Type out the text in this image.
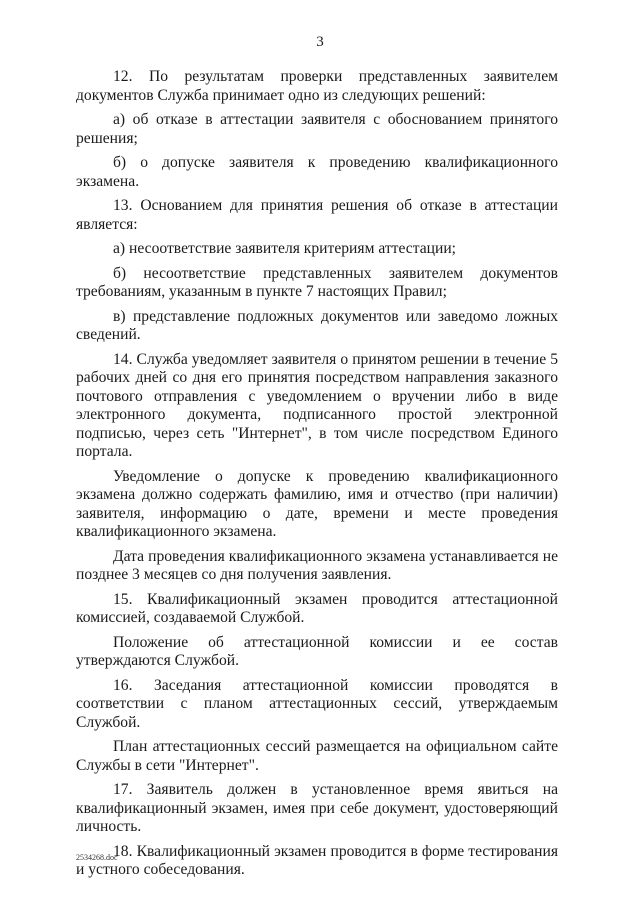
3

12. По результатам проверки представленных заявителем документов Служба принимает одно из следующих решений:

а) об отказе в аттестации заявителя с обоснованием принятого решения;

б) о допуске заявителя к проведению квалификационного экзамена.

13. Основанием для принятия решения об отказе в аттестации является:

а) несоответствие заявителя критериям аттестации;

б) несоответствие представленных заявителем документов требованиям, указанным в пункте 7 настоящих Правил;

в) представление подложных документов или заведомо ложных сведений.

14. Служба уведомляет заявителя о принятом решении в течение 5 рабочих дней со дня его принятия посредством направления заказного почтового отправления с уведомлением о вручении либо в виде электронного документа, подписанного простой электронной подписью, через сеть "Интернет", в том числе посредством Единого портала.

Уведомление о допуске к проведению квалификационного экзамена должно содержать фамилию, имя и отчество (при наличии) заявителя, информацию о дате, времени и месте проведения квалификационного экзамена.

Дата проведения квалификационного экзамена устанавливается не позднее 3 месяцев со дня получения заявления.

15. Квалификационный экзамен проводится аттестационной комиссией, создаваемой Службой.

Положение об аттестационной комиссии и ее состав утверждаются Службой.

16. Заседания аттестационной комиссии проводятся в соответствии с планом аттестационных сессий, утверждаемым Службой.

План аттестационных сессий размещается на официальном сайте Службы в сети "Интернет".

17. Заявитель должен в установленное время явиться на квалификационный экзамен, имея при себе документ, удостоверяющий личность.

18. Квалификационный экзамен проводится в форме тестирования и устного собеседования.

2534268.doc
